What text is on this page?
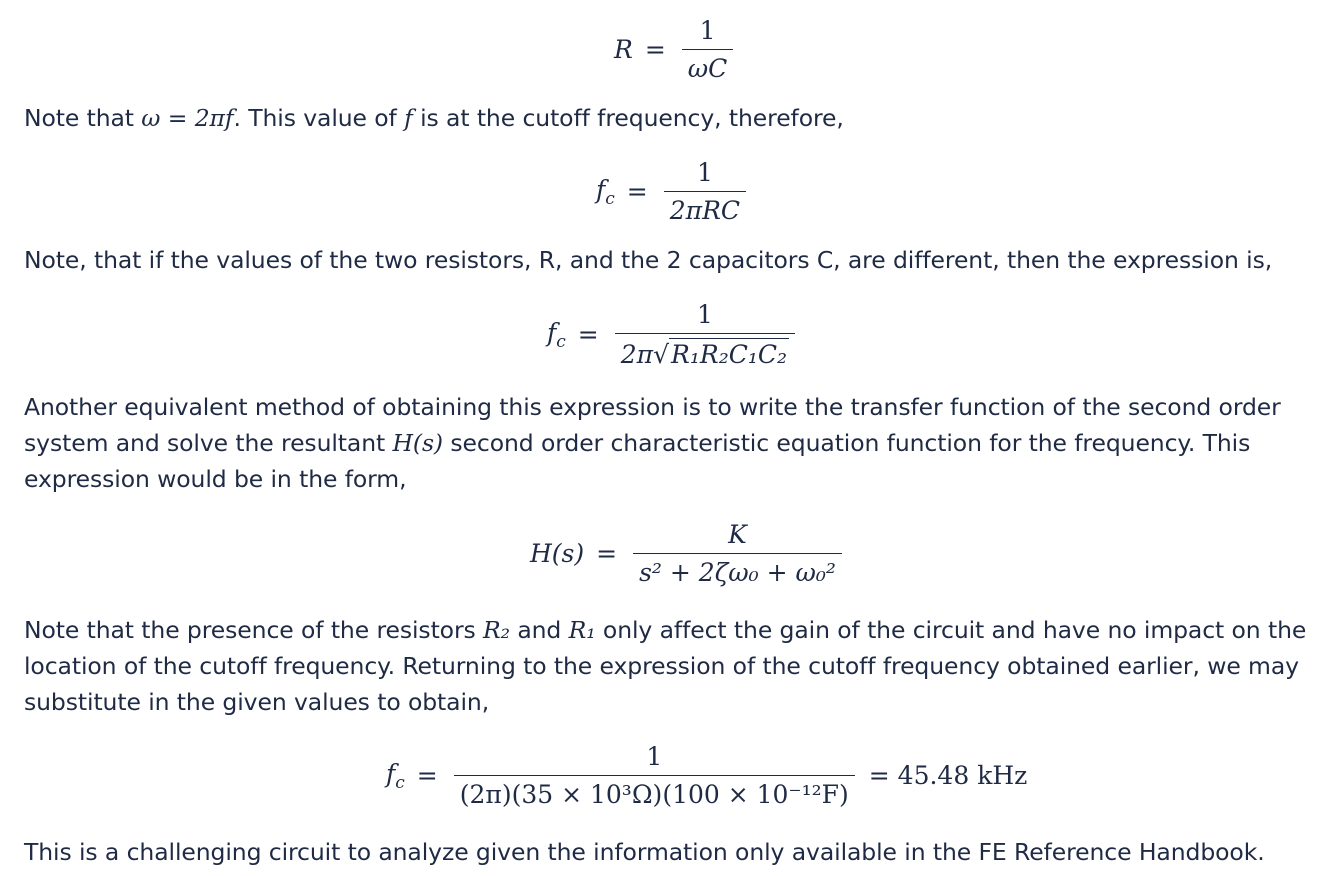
$R = \frac{1}{\omega C}$

Note that ω = 2πf. This value of f is at the cutoff frequency, therefore,

$f_c = \frac{1}{\text{2πRC}}$

Note, that if the values of the two resistors, R, and the 2 capacitors C, are different, then the expression is,

$f_c = \frac{1}{\text{2π √ R₁R₂C₁C₂}}$

Another equivalent method of obtaining this expression is to write the transfer function of the second order system and solve the resultant H(s) second order characteristic equation function for the frequency. This expression would be in the form,

$H(s) = \frac{K}{\text{s² + 2ζω₀ + ω₀²}}$

Note that the presence of the resistors R₂ and R₁ only affect the gain of the circuit and have no impact on the location of the cutoff frequency. Returning to the expression of the cutoff frequency obtained earlier, we may substitute in the given values to obtain,

$f_c = \frac{1}{\text{(2π)(35 × 10³Ω)(100 × 10⁻¹²F)}} = 45.48$ kHz

This is a challenging circuit to analyze given the information only available in the FE Reference Handbook.
